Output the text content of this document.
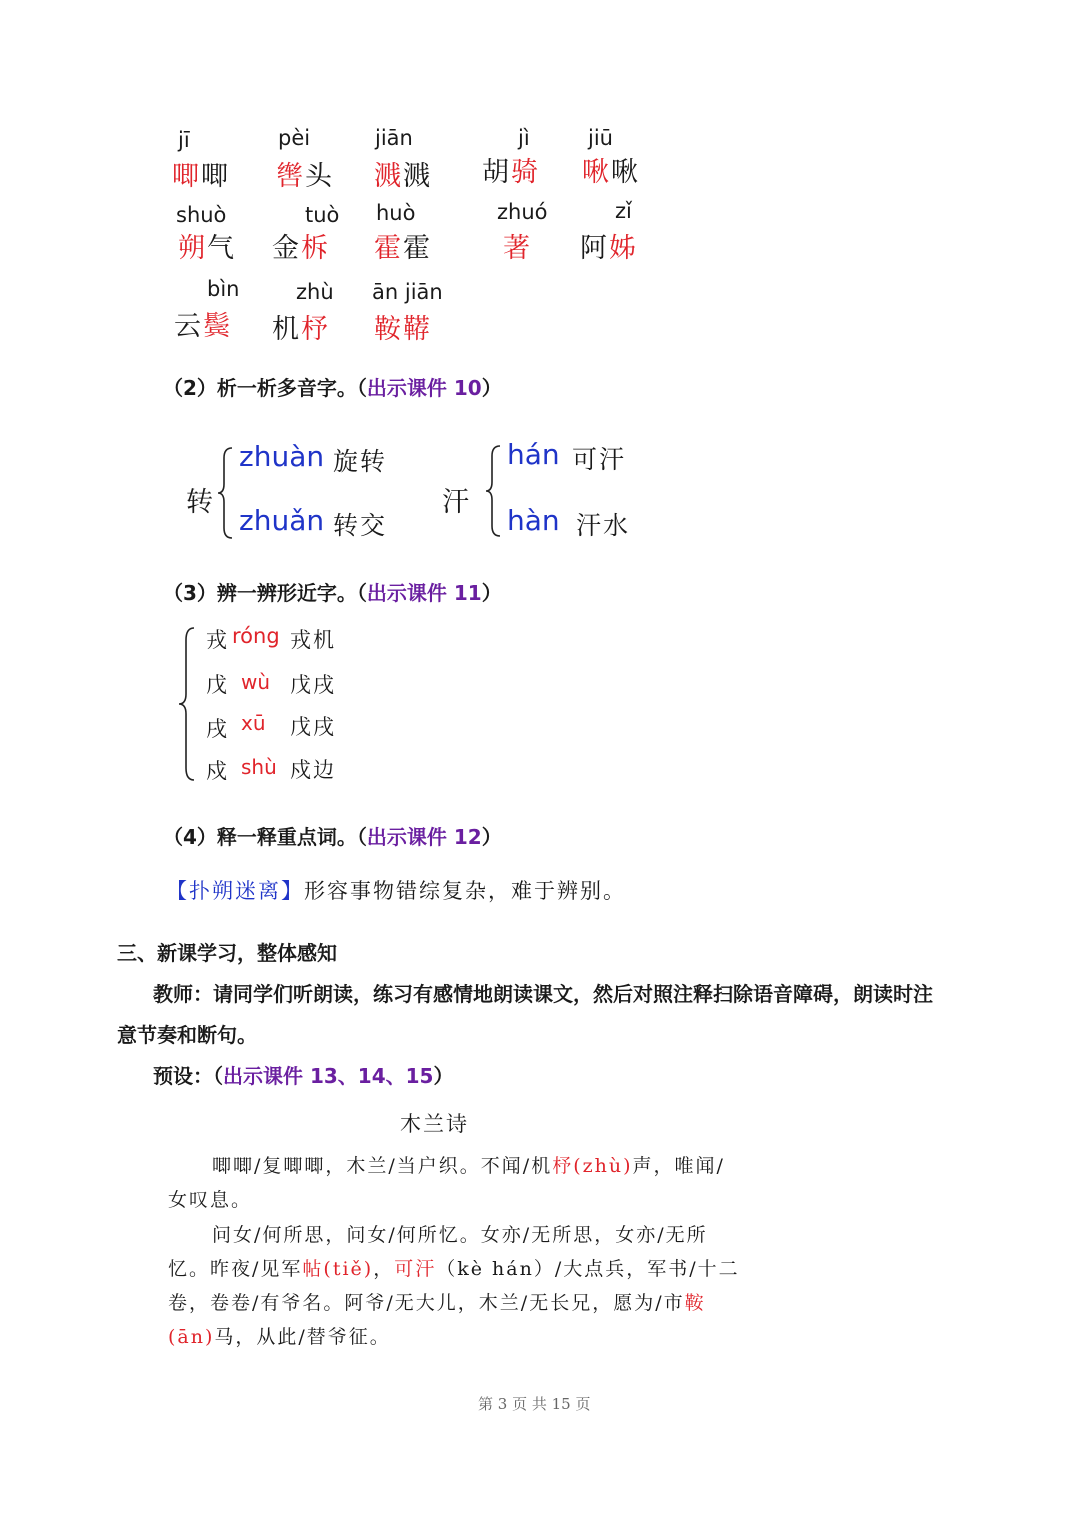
jī
唧唧
pèi
辔头
jiān
溅溅
jì
胡骑
jiū
啾啾
shuò
朔气
tuò
金柝
huò
霍霍
zhuó
著
zǐ
阿姊
bìn
云鬓
zhù
机杼
ān jiān
鞍鞯
（2）析一析多音字。（出示课件 10）
转
zhuàn 旋转
zhuǎn 转交
汗
hán 可汗
hàn 汗水
（3）辨一辨形近字。（出示课件 11）
戎 róng 戎机
戊 wù 戊戌
戌 xū 戊戌
戍 shù 戍边
（4）释一释重点词。（出示课件 12）
【扑朔迷离】形容事物错综复杂，难于辨别。
三、新课学习，整体感知
教师：请同学们听朗读，练习有感情地朗读课文，然后对照注释扫除语音障碍，朗读时注
意节奏和断句。
预设：（出示课件 13、14、15）
木兰诗
唧唧/复唧唧，木兰/当户织。不闻/机杼(zhù)声，唯闻/
女叹息。
问女/何所思，问女/何所忆。女亦/无所思，女亦/无所
忆。昨夜/见军帖(tiě)，可汗（kè hán）/大点兵，军书/十二
卷，卷卷/有爷名。阿爷/无大儿，木兰/无长兄，愿为/市鞍
(ān)马，从此/替爷征。
第 3 页 共 15 页
